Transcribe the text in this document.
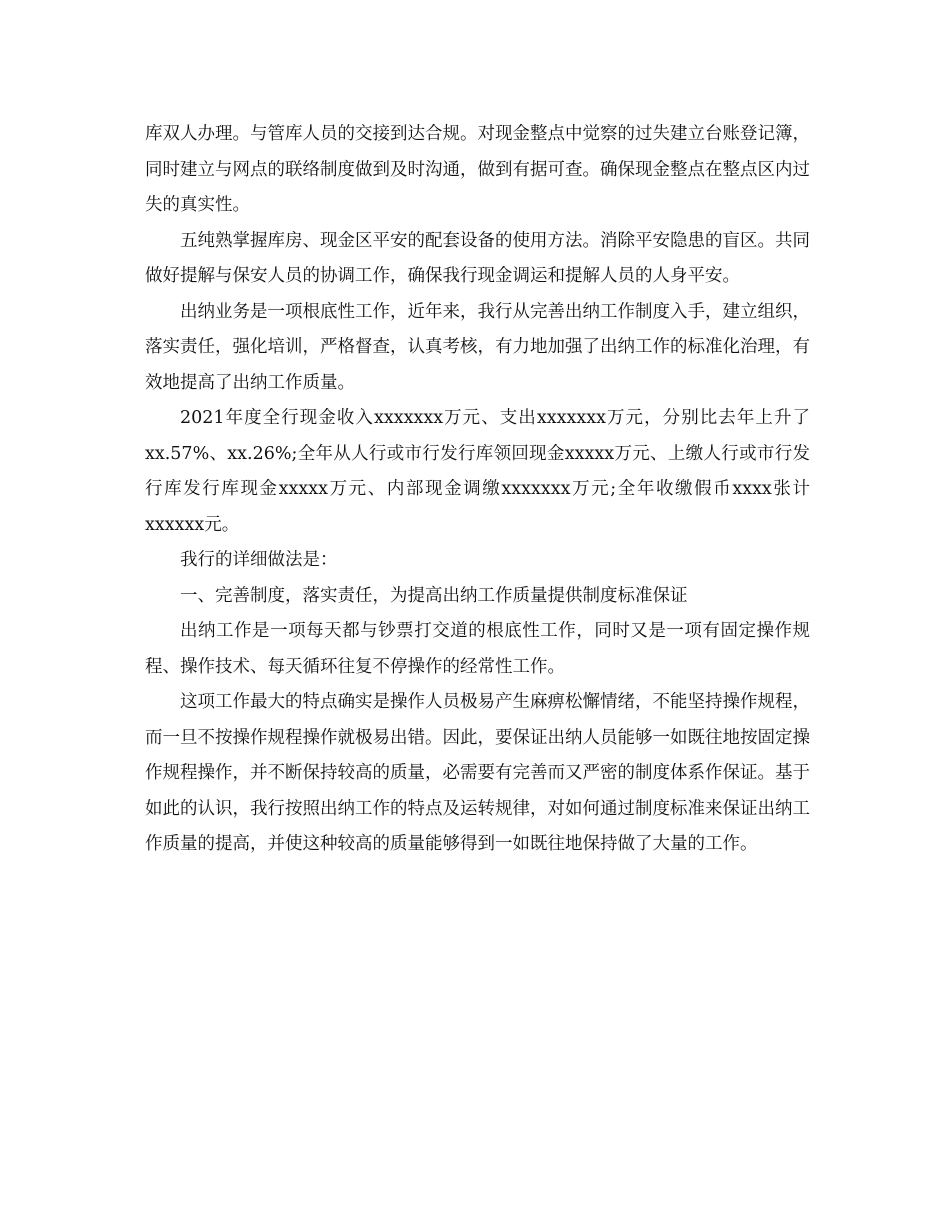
库双人办理。与管库人员的交接到达合规。对现金整点中觉察的过失建立台账登记簿，同时建立与网点的联络制度做到及时沟通，做到有据可查。确保现金整点在整点区内过失的真实性。

五纯熟掌握库房、现金区平安的配套设备的使用方法。消除平安隐患的盲区。共同做好提解与保安人员的协调工作，确保我行现金调运和提解人员的人身平安。

出纳业务是一项根底性工作，近年来，我行从完善出纳工作制度入手，建立组织，落实责任，强化培训，严格督查，认真考核，有力地加强了出纳工作的标准化治理，有效地提高了出纳工作质量。

2021年度全行现金收入xxxxxxx万元、支出xxxxxxx万元，分别比去年上升了xx.57%、xx.26%;全年从人行或市行发行库领回现金xxxxx万元、上缴人行或市行发行库发行库现金xxxxx万元、内部现金调缴xxxxxxx万元;全年收缴假币xxxx张计xxxxxx元。

我行的详细做法是：

一、完善制度，落实责任，为提高出纳工作质量提供制度标准保证

出纳工作是一项每天都与钞票打交道的根底性工作，同时又是一项有固定操作规程、操作技术、每天循环往复不停操作的经常性工作。

这项工作最大的特点确实是操作人员极易产生麻痹松懈情绪，不能坚持操作规程，而一旦不按操作规程操作就极易出错。因此，要保证出纳人员能够一如既往地按固定操作规程操作，并不断保持较高的质量，必需要有完善而又严密的制度体系作保证。基于如此的认识，我行按照出纳工作的特点及运转规律，对如何通过制度标准来保证出纳工作质量的提高，并使这种较高的质量能够得到一如既往地保持做了大量的工作。
